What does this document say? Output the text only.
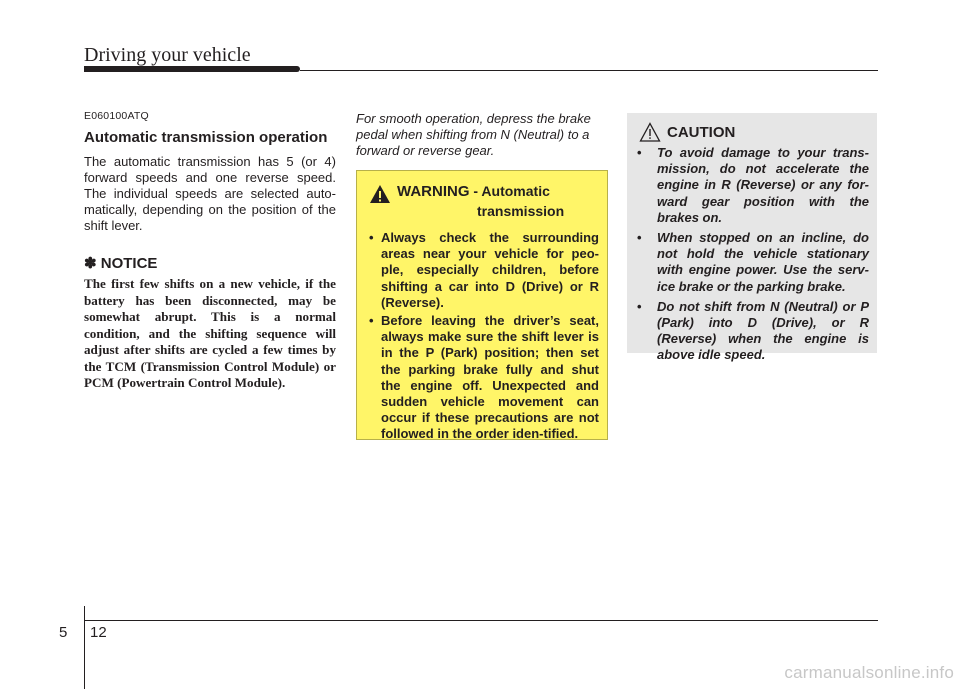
Driving your vehicle
E060100ATQ
Automatic transmission operation

The automatic transmission has 5 (or 4) forward speeds and one reverse speed. The individual speeds are selected auto-matically, depending on the position of the shift lever.

✽ NOTICE

The first few shifts on a new vehicle, if the battery has been disconnected, may be somewhat abrupt. This is a normal condition, and the shifting sequence will adjust after shifts are cycled a few times by the TCM (Transmission Control Module) or PCM (Powertrain Control Module).

For smooth operation, depress the brake pedal when shifting from N (Neutral) to a forward or reverse gear.

WARNING - Automatic
transmission
• Always check the surrounding areas near your vehicle for peo-ple, especially children, before shifting a car into D (Drive) or R (Reverse).
• Before leaving the driver’s seat, always make sure the shift lever is in the P (Park) position; then set the parking brake fully and shut the engine off. Unexpected and sudden vehicle movement can occur if these precautions are not followed in the order iden-tified.
CAUTION
• To avoid damage to your trans-mission, do not accelerate the engine in R (Reverse) or any for-ward gear position with the brakes on.
• When stopped on an incline, do not hold the vehicle stationary with engine power. Use the serv-ice brake or the parking brake.
• Do not shift from N (Neutral) or P (Park) into D (Drive), or R (Reverse) when the engine is above idle speed.
5 12
carmanualsonline.info
